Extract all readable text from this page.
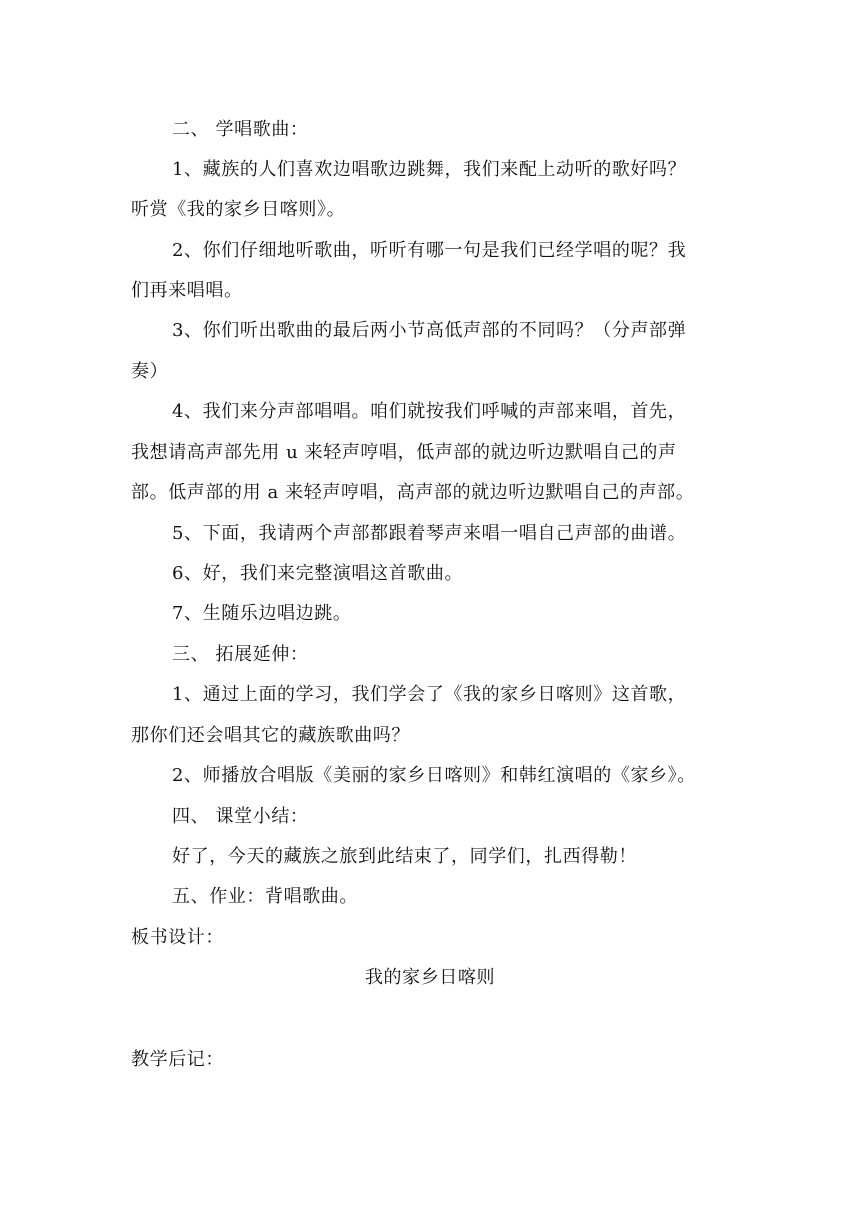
二、 学唱歌曲：
1、藏族的人们喜欢边唱歌边跳舞，我们来配上动听的歌好吗？
听赏《我的家乡日喀则》。
2、你们仔细地听歌曲，听听有哪一句是我们已经学唱的呢？我
们再来唱唱。
3、你们听出歌曲的最后两小节高低声部的不同吗？（分声部弹
奏）
4、我们来分声部唱唱。咱们就按我们呼喊的声部来唱，首先，
我想请高声部先用 u 来轻声哼唱，低声部的就边听边默唱自己的声
部。低声部的用 a 来轻声哼唱，高声部的就边听边默唱自己的声部。
5、下面，我请两个声部都跟着琴声来唱一唱自己声部的曲谱。
6、好，我们来完整演唱这首歌曲。
7、生随乐边唱边跳。
三、 拓展延伸：
1、通过上面的学习，我们学会了《我的家乡日喀则》这首歌，
那你们还会唱其它的藏族歌曲吗？
2、师播放合唱版《美丽的家乡日喀则》和韩红演唱的《家乡》。
四、 课堂小结：
好了，今天的藏族之旅到此结束了，同学们，扎西得勒！
五、作业：背唱歌曲。
板书设计：
我的家乡日喀则
教学后记：
